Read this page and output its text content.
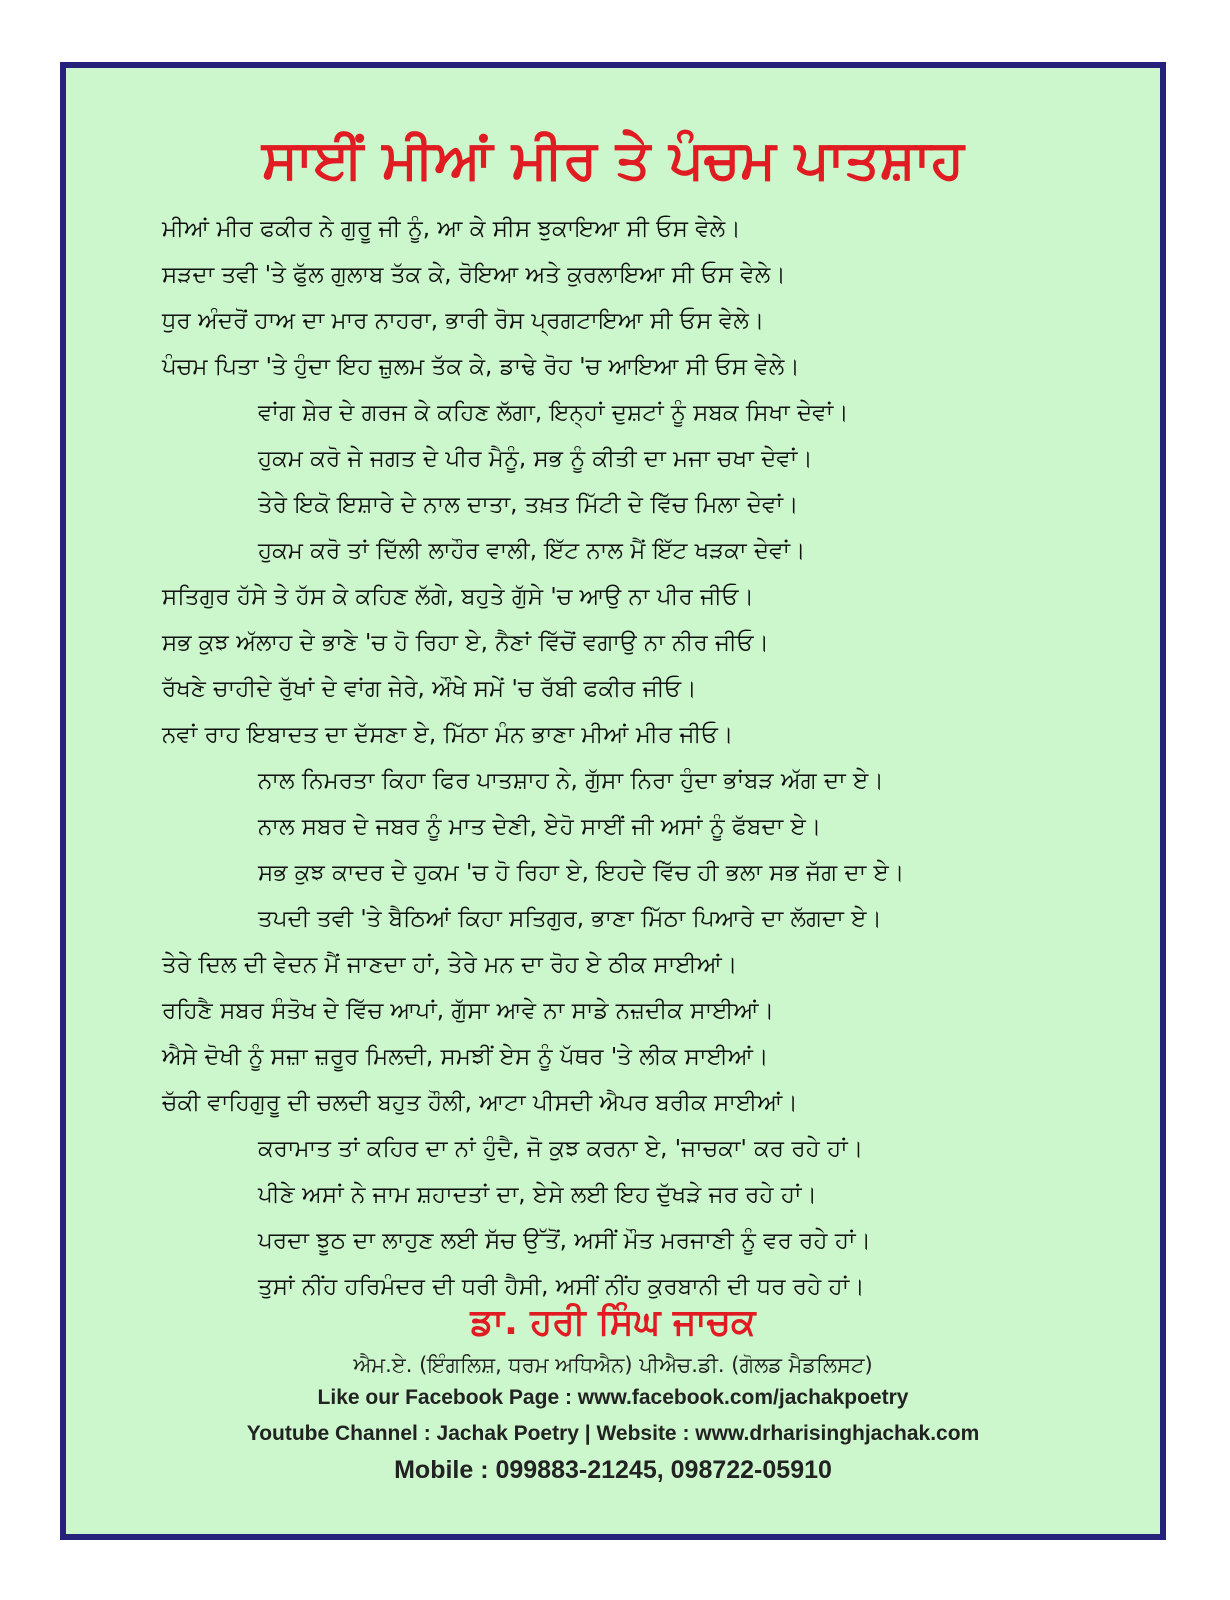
ਸਾਈਂ ਮੀਆਂ ਮੀਰ ਤੇ ਪੰਚਮ ਪਾਤਸ਼ਾਹ
ਮੀਆਂ ਮੀਰ ਫਕੀਰ ਨੇ ਗੁਰੂ ਜੀ ਨੂੰ, ਆ ਕੇ ਸੀਸ ਝੁਕਾਇਆ ਸੀ ਓਸ ਵੇਲੇ।
ਸੜਦਾ ਤਵੀ 'ਤੇ ਫੁੱਲ ਗੁਲਾਬ ਤੱਕ ਕੇ, ਰੋਇਆ ਅਤੇ ਕੁਰਲਾਇਆ ਸੀ ਓਸ ਵੇਲੇ।
ਧੁਰ ਅੰਦਰੋਂ ਹਾਅ ਦਾ ਮਾਰ ਨਾਹਰਾ, ਭਾਰੀ ਰੋਸ ਪ੍ਰਗਟਾਇਆ ਸੀ ਓਸ ਵੇਲੇ।
ਪੰਚਮ ਪਿਤਾ 'ਤੇ ਹੁੰਦਾ ਇਹ ਜ਼ੁਲਮ ਤੱਕ ਕੇ, ਡਾਢੇ ਰੋਹ 'ਚ ਆਇਆ ਸੀ ਓਸ ਵੇਲੇ।
ਵਾਂਗ ਸ਼ੇਰ ਦੇ ਗਰਜ ਕੇ ਕਹਿਣ ਲੱਗਾ, ਇਨ੍ਹਾਂ ਦੁਸ਼ਟਾਂ ਨੂੰ ਸਬਕ ਸਿਖਾ ਦੇਵਾਂ।
ਹੁਕਮ ਕਰੋ ਜੇ ਜਗਤ ਦੇ ਪੀਰ ਮੈਨੂੰ, ਸਭ ਨੂੰ ਕੀਤੀ ਦਾ ਮਜਾ ਚਖਾ ਦੇਵਾਂ।
ਤੇਰੇ ਇਕੋ ਇਸ਼ਾਰੇ ਦੇ ਨਾਲ ਦਾਤਾ, ਤਖ਼ਤ ਮਿੱਟੀ ਦੇ ਵਿੱਚ ਮਿਲਾ ਦੇਵਾਂ।
ਹੁਕਮ ਕਰੋ ਤਾਂ ਦਿੱਲੀ ਲਾਹੌਰ ਵਾਲੀ, ਇੱਟ ਨਾਲ ਮੈਂ ਇੱਟ ਖੜਕਾ ਦੇਵਾਂ।
ਸਤਿਗੁਰ ਹੱਸੇ ਤੇ ਹੱਸ ਕੇ ਕਹਿਣ ਲੱਗੇ, ਬਹੁਤੇ ਗੁੱਸੇ 'ਚ ਆਉ ਨਾ ਪੀਰ ਜੀਓ।
ਸਭ ਕੁਝ ਅੱਲਾਹ ਦੇ ਭਾਣੇ 'ਚ ਹੋ ਰਿਹਾ ਏ, ਨੈਣਾਂ ਵਿੱਚੋਂ ਵਗਾਉ ਨਾ ਨੀਰ ਜੀਓ।
ਰੱਖਣੇ ਚਾਹੀਦੇ ਰੁੱਖਾਂ ਦੇ ਵਾਂਗ ਜੇਰੇ, ਔਖੇ ਸਮੇਂ 'ਚ ਰੱਬੀ ਫਕੀਰ ਜੀਓ।
ਨਵਾਂ ਰਾਹ ਇਬਾਦਤ ਦਾ ਦੱਸਣਾ ਏ, ਮਿੱਠਾ ਮੰਨ ਭਾਣਾ ਮੀਆਂ ਮੀਰ ਜੀਓ।
ਨਾਲ ਨਿਮਰਤਾ ਕਿਹਾ ਫਿਰ ਪਾਤਸ਼ਾਹ ਨੇ, ਗੁੱਸਾ ਨਿਰਾ ਹੁੰਦਾ ਭਾਂਬੜ ਅੱਗ ਦਾ ਏ।
ਨਾਲ ਸਬਰ ਦੇ ਜਬਰ ਨੂੰ ਮਾਤ ਦੇਣੀ, ਏਹੋ ਸਾਈਂ ਜੀ ਅਸਾਂ ਨੂੰ ਫੱਬਦਾ ਏ।
ਸਭ ਕੁਝ ਕਾਦਰ ਦੇ ਹੁਕਮ 'ਚ ਹੋ ਰਿਹਾ ਏ, ਇਹਦੇ ਵਿੱਚ ਹੀ ਭਲਾ ਸਭ ਜੱਗ ਦਾ ਏ।
ਤਪਦੀ ਤਵੀ 'ਤੇ ਬੈਠਿਆਂ ਕਿਹਾ ਸਤਿਗੁਰ, ਭਾਣਾ ਮਿੱਠਾ ਪਿਆਰੇ ਦਾ ਲੱਗਦਾ ਏ।
ਤੇਰੇ ਦਿਲ ਦੀ ਵੇਦਨ ਮੈਂ ਜਾਣਦਾ ਹਾਂ, ਤੇਰੇ ਮਨ ਦਾ ਰੋਹ ਏ ਠੀਕ ਸਾਈਆਂ।
ਰਹਿਣੈ ਸਬਰ ਸੰਤੋਖ ਦੇ ਵਿੱਚ ਆਪਾਂ, ਗੁੱਸਾ ਆਵੇ ਨਾ ਸਾਡੇ ਨਜ਼ਦੀਕ ਸਾਈਆਂ।
ਐਸੇ ਦੋਖੀ ਨੂੰ ਸਜ਼ਾ ਜ਼ਰੂਰ ਮਿਲਦੀ, ਸਮਝੀਂ ਏਸ ਨੂੰ ਪੱਥਰ 'ਤੇ ਲੀਕ ਸਾਈਆਂ।
ਚੱਕੀ ਵਾਹਿਗੁਰੂ ਦੀ ਚਲਦੀ ਬਹੁਤ ਹੌਲੀ, ਆਟਾ ਪੀਸਦੀ ਐਪਰ ਬਰੀਕ ਸਾਈਆਂ।
ਕਰਾਮਾਤ ਤਾਂ ਕਹਿਰ ਦਾ ਨਾਂ ਹੁੰਦੈ, ਜੋ ਕੁਝ ਕਰਨਾ ਏ, 'ਜਾਚਕਾ' ਕਰ ਰਹੇ ਹਾਂ।
ਪੀਣੇ ਅਸਾਂ ਨੇ ਜਾਮ ਸ਼ਹਾਦਤਾਂ ਦਾ, ਏਸੇ ਲਈ ਇਹ ਦੁੱਖੜੇ ਜਰ ਰਹੇ ਹਾਂ।
ਪਰਦਾ ਝੂਠ ਦਾ ਲਾਹੁਣ ਲਈ ਸੱਚ ਉੱਤੋਂ, ਅਸੀਂ ਮੌਤ ਮਰਜਾਣੀ ਨੂੰ ਵਰ ਰਹੇ ਹਾਂ।
ਤੁਸਾਂ ਨੀਂਹ ਹਰਿਮੰਦਰ ਦੀ ਧਰੀ ਹੈਸੀ, ਅਸੀਂ ਨੀਂਹ ਕੁਰਬਾਨੀ ਦੀ ਧਰ ਰਹੇ ਹਾਂ।
ਡਾ. ਹਰੀ ਸਿੰਘ ਜਾਚਕ
ਐਮ.ਏ. (ਇੰਗਲਿਸ਼, ਧਰਮ ਅਧਿਐਨ) ਪੀਐਚ.ਡੀ. (ਗੋਲਡ ਮੈਡਲਿਸਟ)
Like our Facebook Page : www.facebook.com/jachakpoetry
Youtube Channel : Jachak Poetry | Website : www.drharisinghjachak.com
Mobile : 099883-21245, 098722-05910
